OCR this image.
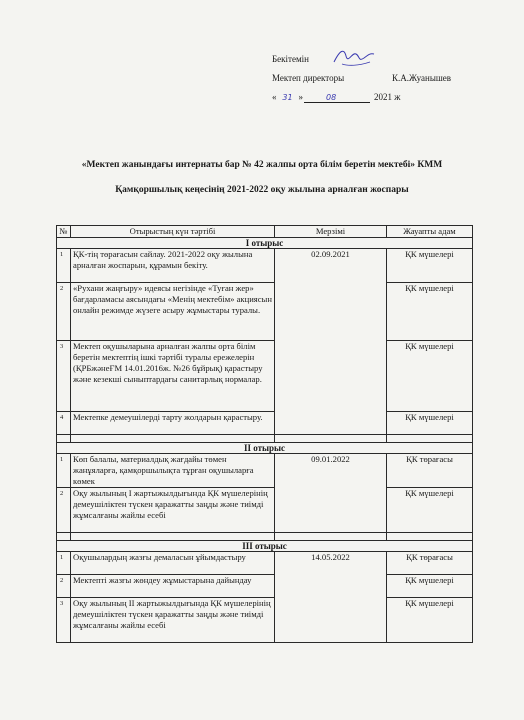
Бекітемін
Мектеп директоры	К.А.Жуанышев
« 31 »	08	2021 ж
«Мектеп жанындағы интернаты бар № 42 жалпы орта білім беретін мектебі» КММ
Қамқоршылық кеңесінің 2021-2022 оқу жылына арналған жоспары
№	Отырыстың күн тәртібі	Мерзімі	Жауапты адам
І отырыс			
1	ҚК-тің төрағасын сайлау. 2021-2022 оқу жылына арналған жоспарын, құрамын бекіту.	02.09.2021	ҚК мүшелері
2	«Рухани жаңғыру» идеясы негізінде «Туған жер» бағдарламасы аясындағы «Менің мектебім» акциясын онлайн режимде жүзеге асыру жұмыстары туралы.		ҚК мүшелері
3	Мектеп оқушыларына арналған жалпы орта білім беретін мектептің ішкі тәртібі туралы ережелерін (ҚРБжәнеҒМ 14.01.2016ж. №26 бұйрық) қарастыру және кезекші сыныптардағы санитарлық нормалар.		ҚК мүшелері
4	Мектепке демеушілерді тарту жолдарын қарастыру.		ҚК мүшелері

ІІ отырыс			
1	Көп балалы, материалдық жағдайы төмен жанұяларға, қамқоршылықта тұрған оқушыларға көмек	09.01.2022	ҚК төрағасы
2	Оқу жылының І жартыжылдығында ҚК мүшелерінің демеушіліктен түскен қаражатты заңды және тиімді жұмсалғаны жайлы есебі		ҚК мүшелері

ІІІ отырыс			
1	Оқушылардың жазғы демаласын ұйымдастыру	14.05.2022	ҚК төрағасы
2	Мектепті жазғы жөндеу жұмыстарына дайындау		ҚК мүшелері
3	Оқу жылының ІІ жартыжылдығында ҚК мүшелерінің демеушіліктен түскен қаражатты заңды және тиімді жұмсалғаны жайлы есебі		ҚК мүшелері
